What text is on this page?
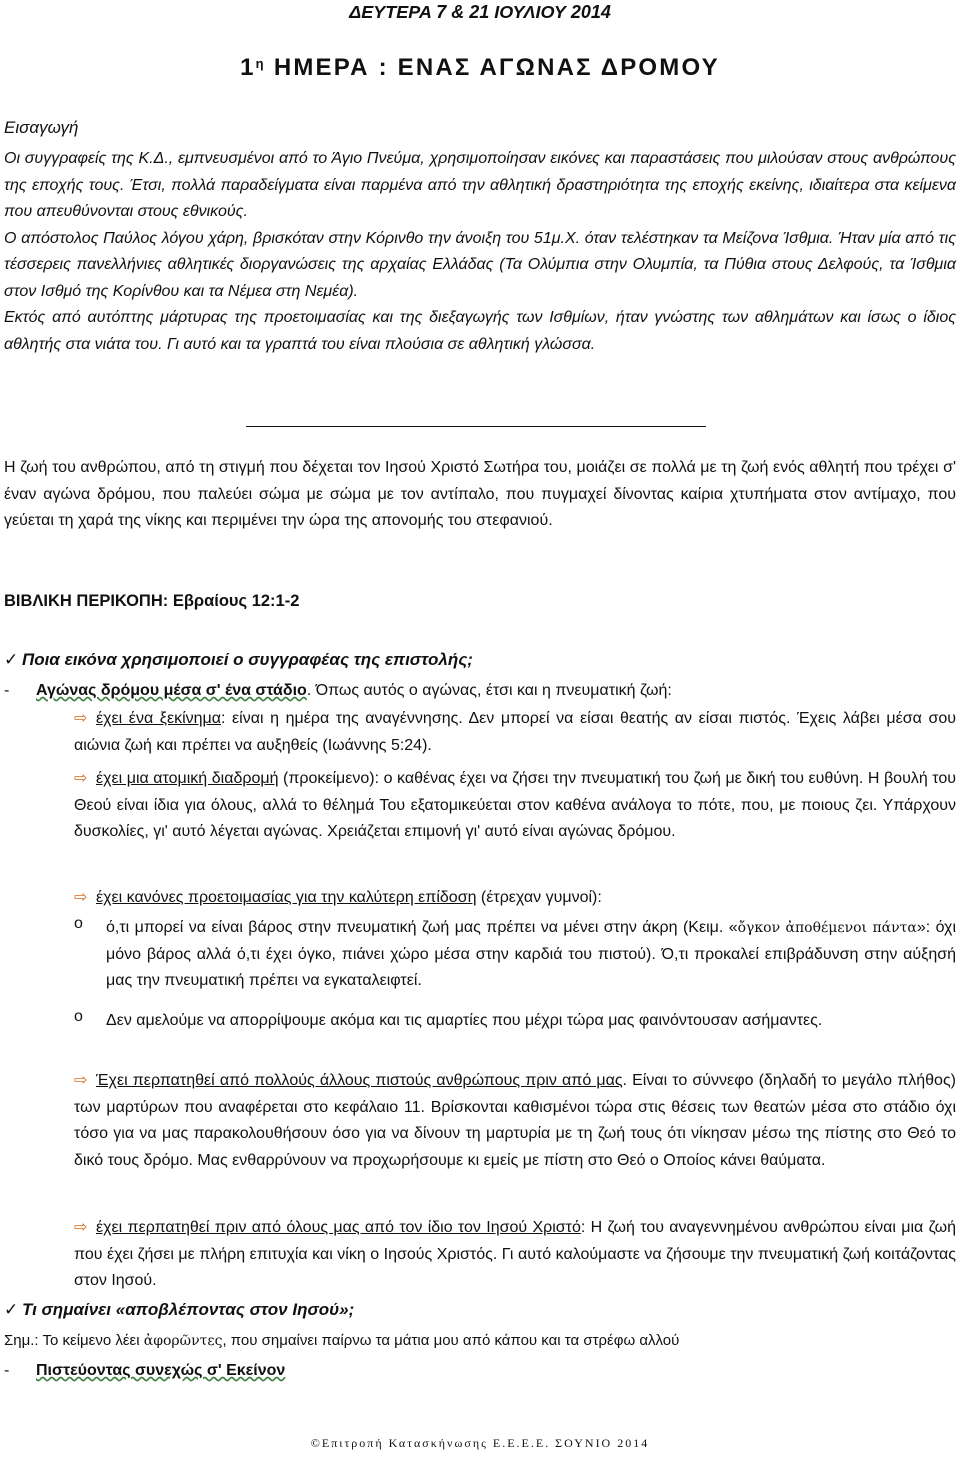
ΔΕΥΤΕΡΑ 7 & 21 ΙΟΥΛΙΟΥ 2014
$1^\eta$ ΗΜΕΡΑ : ΕΝΑΣ ΑΓΩΝΑΣ ΔΡΟΜΟΥ
Εισαγωγή

Οι συγγραφείς της Κ.Δ., εμπνευσμένοι από το Άγιο Πνεύμα, χρησιμοποίησαν εικόνες και παραστάσεις που μιλούσαν στους ανθρώπους της εποχής τους. Έτσι, πολλά παραδείγματα είναι παρμένα από την αθλητική δραστηριότητα της εποχής εκείνης, ιδιαίτερα στα κείμενα που απευθύνονται στους εθνικούς.

Ο απόστολος Παύλος λόγου χάρη, βρισκόταν στην Κόρινθο την άνοιξη του 51μ.Χ. όταν τελέστηκαν τα Μείζονα Ίσθμια. Ήταν μία από τις τέσσερεις πανελλήνιες αθλητικές διοργανώσεις της αρχαίας Ελλάδας (Τα Ολύμπια στην Ολυμπία, τα Πύθια στους Δελφούς, τα Ίσθμια στον Ισθμό της Κορίνθου και τα Νέμεα στη Νεμέα).

Εκτός από αυτόπτης μάρτυρας της προετοιμασίας και της διεξαγωγής των Ισθμίων, ήταν γνώστης των αθλημάτων και ίσως ο ίδιος αθλητής στα νιάτα του. Γι αυτό και τα γραπτά του είναι πλούσια σε αθλητική γλώσσα.

Η ζωή του ανθρώπου, από τη στιγμή που δέχεται τον Ιησού Χριστό Σωτήρα του, μοιάζει σε πολλά με τη ζωή ενός αθλητή που τρέχει σ' έναν αγώνα δρόμου, που παλεύει σώμα με σώμα με τον αντίπαλο, που πυγμαχεί δίνοντας καίρια χτυπήματα στον αντίμαχο, που γεύεται τη χαρά της νίκης και περιμένει την ώρα της απονομής του στεφανιού.
ΒΙΒΛΙΚΗ ΠΕΡΙΚΟΠΗ: Εβραίους 12:1-2
✓ Ποια εικόνα χρησιμοποιεί ο συγγραφέας της επιστολής;
- Αγώνας δρόμου μέσα σ' ένα στάδιο. Όπως αυτός ο αγώνας, έτσι και η πνευματική ζωή:
⇨ έχει ένα ξεκίνημα: είναι η ημέρα της αναγέννησης. Δεν μπορεί να είσαι θεατής αν είσαι πιστός. Έχεις λάβει μέσα σου αιώνια ζωή και πρέπει να αυξηθείς (Ιωάννης 5:24).
⇨ έχει μια ατομική διαδρομή (προκείμενο): ο καθένας έχει να ζήσει την πνευματική του ζωή με δική του ευθύνη. Η βουλή του Θεού είναι ίδια για όλους, αλλά το θέλημά Του εξατομικεύεται στον καθένα ανάλογα το πότε, που, με ποιους ζει. Υπάρχουν δυσκολίες, γι' αυτό λέγεται αγώνας. Χρειάζεται επιμονή γι' αυτό είναι αγώνας δρόμου.
⇨ έχει κανόνες προετοιμασίας για την καλύτερη επίδοση (έτρεχαν γυμνοί):
o ό,τι μπορεί να είναι βάρος στην πνευματική ζωή μας πρέπει να μένει στην άκρη (Κειμ. «ὄγκον ἀποθέμενοι πάντα»: όχι μόνο βάρος αλλά ό,τι έχει όγκο, πιάνει χώρο μέσα στην καρδιά του πιστού). Ό,τι προκαλεί επιβράδυνση στην αύξησή μας την πνευματική πρέπει να εγκαταλειφτεί.
o Δεν αμελούμε να απορρίψουμε ακόμα και τις αμαρτίες που μέχρι τώρα μας φαινόντουσαν ασήμαντες.
⇨ Έχει περπατηθεί από πολλούς άλλους πιστούς ανθρώπους πριν από μας. Είναι το σύννεφο (δηλαδή το μεγάλο πλήθος) των μαρτύρων που αναφέρεται στο κεφάλαιο 11. Βρίσκονται καθισμένοι τώρα στις θέσεις των θεατών μέσα στο στάδιο όχι τόσο για να μας παρακολουθήσουν όσο για να δίνουν τη μαρτυρία με τη ζωή τους ότι νίκησαν μέσω της πίστης στο Θεό το δικό τους δρόμο. Μας ενθαρρύνουν να προχωρήσουμε κι εμείς με πίστη στο Θεό ο Οποίος κάνει θαύματα.
⇨ έχει περπατηθεί πριν από όλους μας από τον ίδιο τον Ιησού Χριστό: Η ζωή του αναγεννημένου ανθρώπου είναι μια ζωή που έχει ζήσει με πλήρη επιτυχία και νίκη ο Ιησούς Χριστός. Γι αυτό καλούμαστε να ζήσουμε την πνευματική ζωή κοιτάζοντας στον Ιησού.
✓ Τι σημαίνει «αποβλέποντας στον Ιησού»;
Σημ.: Το κείμενο λέει ἀφορῶντες, που σημαίνει παίρνω τα μάτια μου από κάπου και τα στρέφω αλλού
- Πιστεύοντας συνεχώς σ' Εκείνον
©Επιτροπή Κατασκήνωσης Ε.Ε.Ε.Ε. ΣΟΥΝΙΟ 2014
